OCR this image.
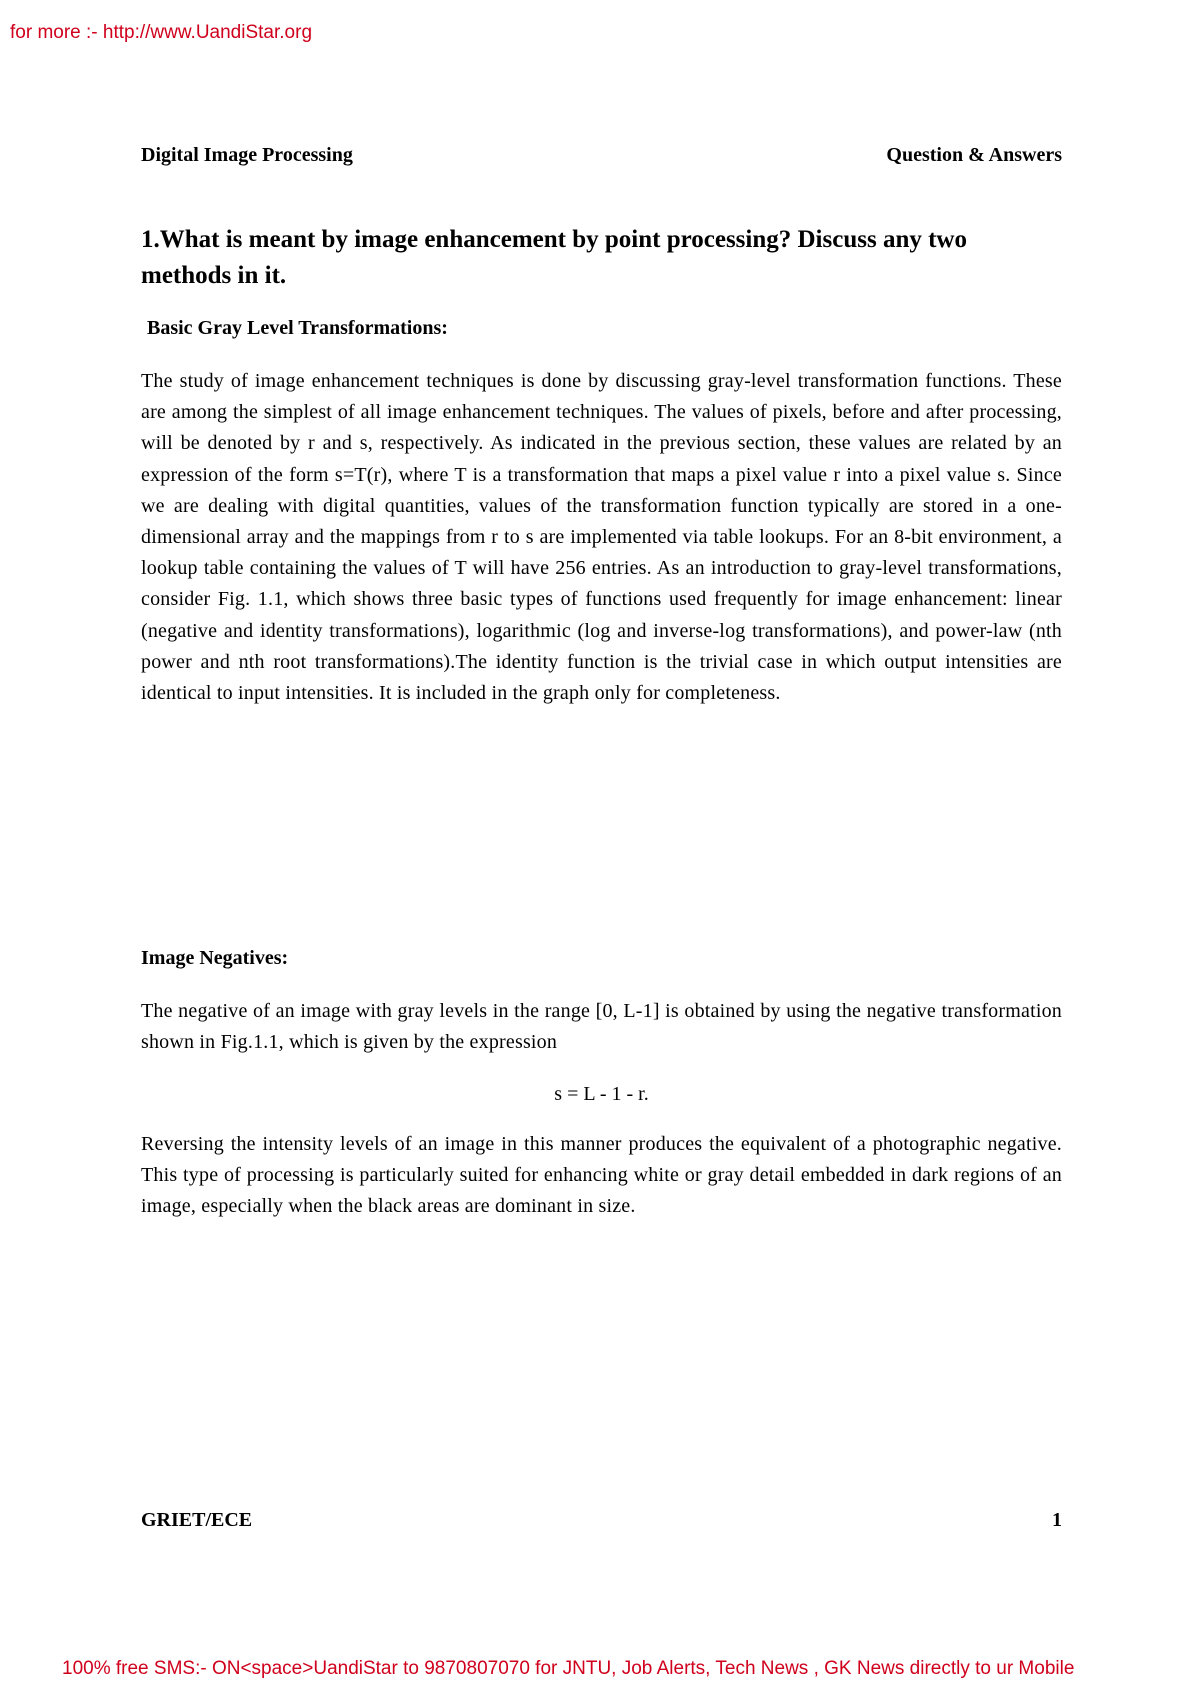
for more :- http://www.UandiStar.org
Digital Image Processing	Question & Answers
1.What is meant by image enhancement by point processing? Discuss any two methods in it.
Basic Gray Level Transformations:

The study of image enhancement techniques is done by discussing gray-level transformation functions. These are among the simplest of all image enhancement techniques. The values of pixels, before and after processing, will be denoted by r and s, respectively. As indicated in the previous section, these values are related by an expression of the form s=T(r), where T is a transformation that maps a pixel value r into a pixel value s. Since we are dealing with digital quantities, values of the transformation function typically are stored in a one-dimensional array and the mappings from r to s are implemented via table lookups. For an 8-bit environment, a lookup table containing the values of T will have 256 entries. As an introduction to gray-level transformations, consider Fig. 1.1, which shows three basic types of functions used frequently for image enhancement: linear (negative and identity transformations), logarithmic (log and inverse-log transformations), and power-law (nth power and nth root transformations).The identity function is the trivial case in which output intensities are identical to input intensities. It is included in the graph only for completeness.

Image Negatives:

The negative of an image with gray levels in the range [0, L-1] is obtained by using the negative transformation shown in Fig.1.1, which is given by the expression

s = L - 1 - r.

Reversing the intensity levels of an image in this manner produces the equivalent of a photographic negative. This type of processing is particularly suited for enhancing white or gray detail embedded in dark regions of an image, especially when the black areas are dominant in size.

GRIET/ECE	1
100% free SMS:- ON<space>UandiStar to 9870807070 for JNTU, Job Alerts, Tech News , GK News directly to ur Mobile
